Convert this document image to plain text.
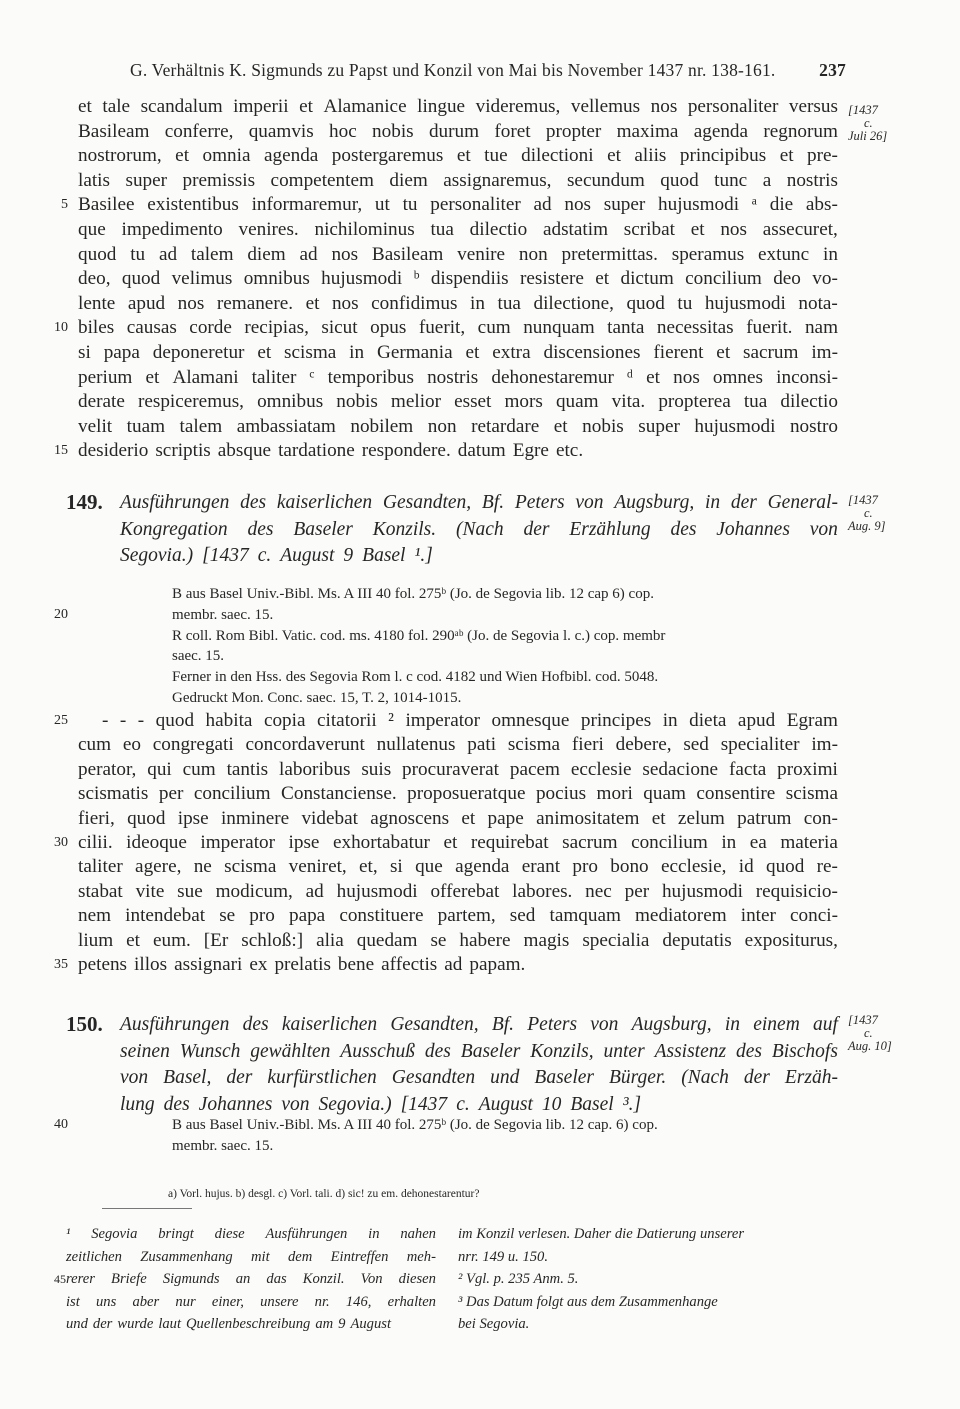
G. Verhältnis K. Sigmunds zu Papst und Konzil von Mai bis November 1437 nr. 138-161. 237
et tale scandalum imperii et Alamanice lingue videremus, vellemus nos personaliter versus
Basileam conferre, quamvis hoc nobis durum foret propter maxima agenda regnorum
nostrorum, et omnia agenda postergaremus et tue dilectioni et aliis principibus et pre-
latis super premissis competentem diem assignaremus, secundum quod tunc a nostris
Basilee existentibus informaremur, ut tu personaliter ad nos super hujusmodi ᵃ die abs-
5
que impedimento venires. nichilominus tua dilectio adstatim scribat et nos assecuret,
quod tu ad talem diem ad nos Basileam venire non pretermittas. speramus extunc in
deo, quod velimus omnibus hujusmodi ᵇ dispendiis resistere et dictum concilium deo vo-
lente apud nos remanere. et nos confidimus in tua dilectione, quod tu hujusmodi nota-
biles causas corde recipias, sicut opus fuerit, cum nunquam tanta necessitas fuerit. nam
10
si papa deponeretur et scisma in Germania et extra discensiones fierent et sacrum im-
perium et Alamani taliter ᶜ temporibus nostris dehonestaremur ᵈ et nos omnes inconsi-
derate respiceremus, omnibus nobis melior esset mors quam vita. propterea tua dilectio
velit tuam talem ambassiatam nobilem non retardare et nobis super hujusmodi nostro
desiderio scriptis absque tardatione respondere. datum Egre etc.
15
[1437
c.
Juli 26]
149. Ausführungen des kaiserlichen Gesandten, Bf. Peters von Augsburg, in der General-
Kongregation des Baseler Konzils. (Nach der Erzählung des Johannes von
Segovia.) [1437 c. August 9 Basel ¹.]
[1437
c.
Aug. 9]
B aus Basel Univ.-Bibl. Ms. A III 40 fol. 275ᵇ (Jo. de Segovia lib. 12 cap 6) cop.
membr. saec. 15.
20
R coll. Rom Bibl. Vatic. cod. ms. 4180 fol. 290ᵃᵇ (Jo. de Segovia l. c.) cop. membr
saec. 15.
Ferner in den Hss. des Segovia Rom l. c cod. 4182 und Wien Hofbibl. cod. 5048.
Gedruckt Mon. Conc. saec. 15, T. 2, 1014-1015.
- - - quod habita copia citatorii ² imperator omnesque principes in dieta apud Egram
25
cum eo congregati concordaverunt nullatenus pati scisma fieri debere, sed specialiter im-
perator, qui cum tantis laboribus suis procuraverat pacem ecclesie sedacione facta proximi
scismatis per concilium Constanciense. proposueratque pocius mori quam consentire scisma
fieri, quod ipse inminere videbat agnoscens et pape animositatem et zelum patrum con-
cilii. ideoque imperator ipse exhortabatur et requirebat sacrum concilium in ea materia
30
taliter agere, ne scisma veniret, et, si que agenda erant pro bono ecclesie, id quod re-
stabat vite sue modicum, ad hujusmodi offerebat labores. nec per hujusmodi requisicio-
nem intendebat se pro papa constituere partem, sed tamquam mediatorem inter conci-
lium et eum. [Er schloß:] alia quedam se habere magis specialia deputatis expositurus,
petens illos assignari ex prelatis bene affectis ad papam.
35
150. Ausführungen des kaiserlichen Gesandten, Bf. Peters von Augsburg, in einem auf
seinen Wunsch gewählten Ausschuß des Baseler Konzils, unter Assistenz des Bischofs
von Basel, der kurfürstlichen Gesandten und Baseler Bürger. (Nach der Erzäh-
lung des Johannes von Segovia.) [1437 c. August 10 Basel ³.]
[1437
c.
Aug. 10]
B aus Basel Univ.-Bibl. Ms. A III 40 fol. 275ᵇ (Jo. de Segovia lib. 12 cap. 6) cop.
40
membr. saec. 15.
a) Vorl. hujus. b) desgl. c) Vorl. tali. d) sic! zu em. dehonestarentur?
¹ Segovia bringt diese Ausführungen in nahen
zeitlichen Zusammenhang mit dem Eintreffen meh-
rerer Briefe Sigmunds an das Konzil. Von diesen
45
ist uns aber nur einer, unsere nr. 146, erhalten
und der wurde laut Quellenbeschreibung am 9 August
im Konzil verlesen. Daher die Datierung unserer
nrr. 149 u. 150.
² Vgl. p. 235 Anm. 5.
³ Das Datum folgt aus dem Zusammenhange
bei Segovia.
